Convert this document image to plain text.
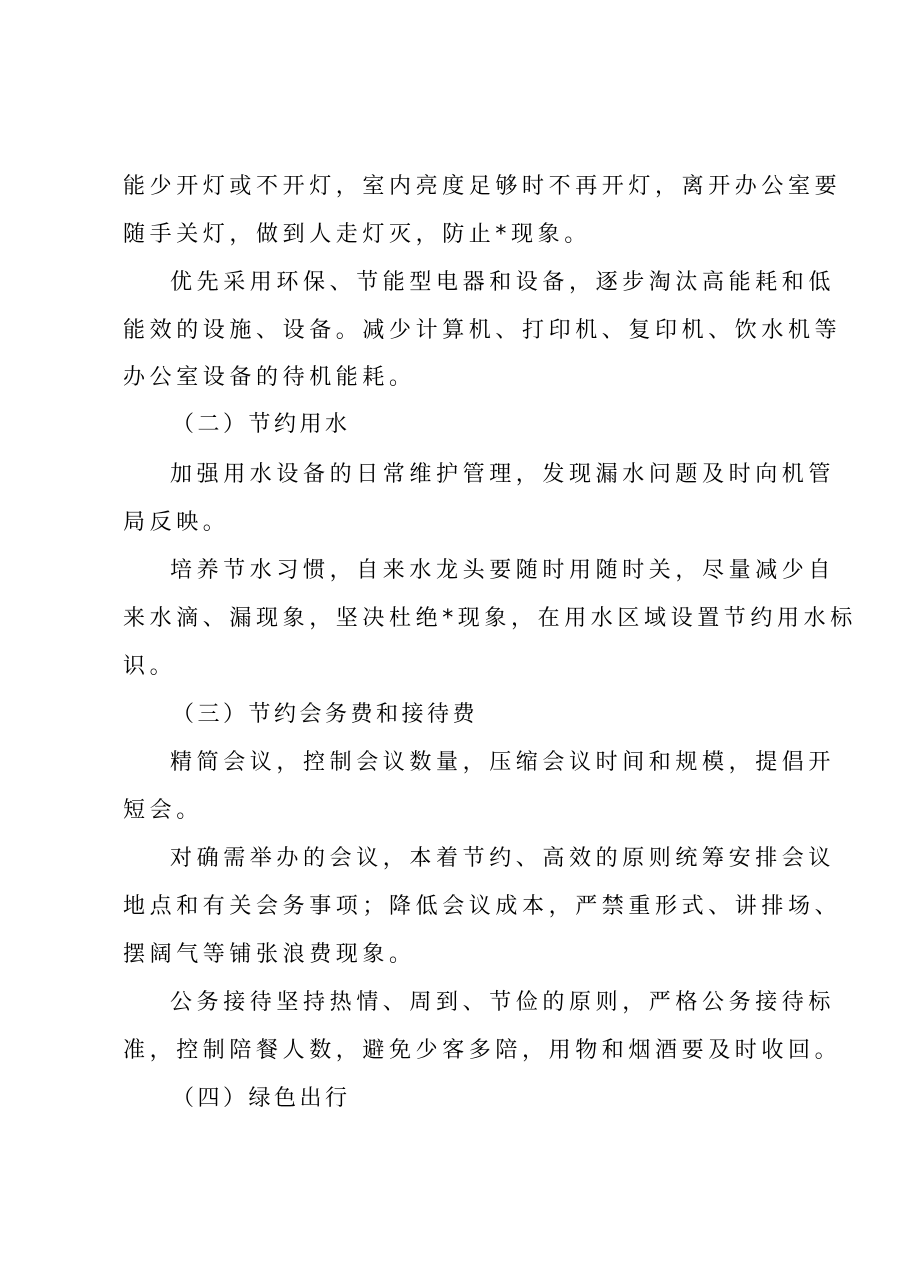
能少开灯或不开灯，室内亮度足够时不再开灯，离开办公室要
随手关灯，做到人走灯灭，防止*现象。
优先采用环保、节能型电器和设备，逐步淘汰高能耗和低
能效的设施、设备。减少计算机、打印机、复印机、饮水机等
办公室设备的待机能耗。
（二）节约用水
加强用水设备的日常维护管理，发现漏水问题及时向机管
局反映。
培养节水习惯，自来水龙头要随时用随时关，尽量减少自
来水滴、漏现象，坚决杜绝*现象，在用水区域设置节约用水标
识。
（三）节约会务费和接待费
精简会议，控制会议数量，压缩会议时间和规模，提倡开
短会。
对确需举办的会议，本着节约、高效的原则统筹安排会议
地点和有关会务事项；降低会议成本，严禁重形式、讲排场、
摆阔气等铺张浪费现象。
公务接待坚持热情、周到、节俭的原则，严格公务接待标
准，控制陪餐人数，避免少客多陪，用物和烟酒要及时收回。
（四）绿色出行
